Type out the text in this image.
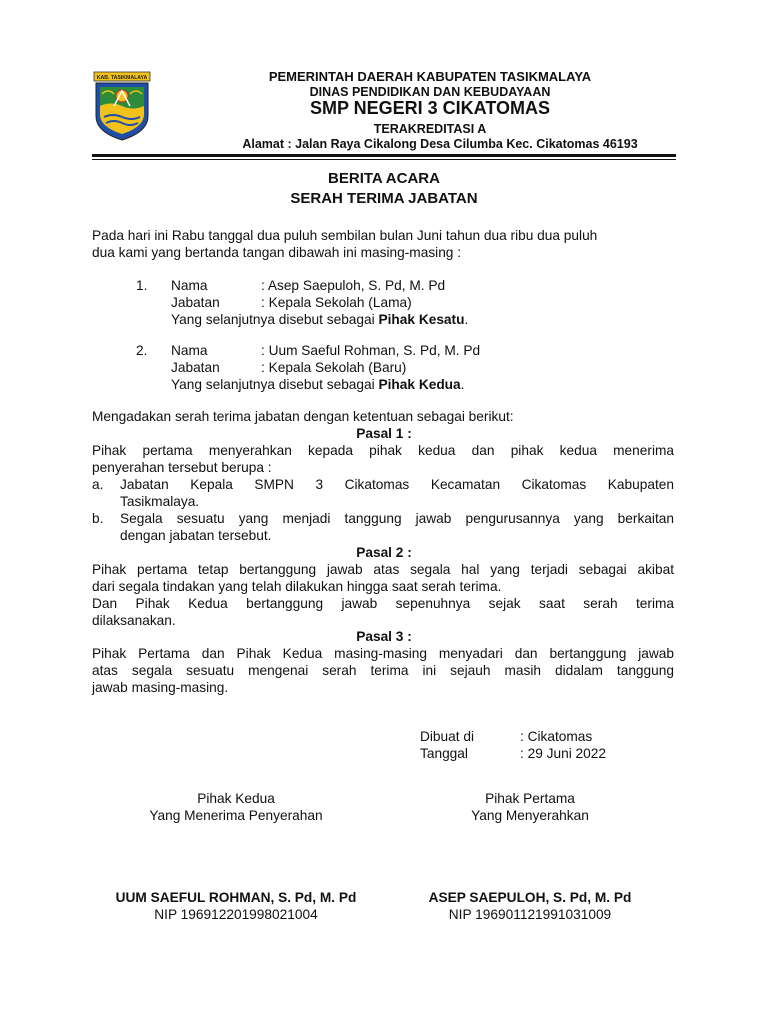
KAB. TASIKMALAYA	PEMERINTAH DAERAH KABUPATEN TASIKMALAYA
DINAS PENDIDIKAN DAN KEBUDAYAAN
SMP NEGERI 3 CIKATOMAS
TERAKREDITASI A
Alamat : Jalan Raya Cikalong Desa Cilumba Kec. Cikatomas 46193
BERITA ACARA
SERAH TERIMA JABATAN
Pada hari ini Rabu tanggal dua puluh sembilan bulan Juni tahun dua ribu dua puluh
dua kami yang bertanda tangan dibawah ini masing-masing :
1. Nama	: Asep Saepuloh, S. Pd, M. Pd
Jabatan	: Kepala Sekolah (Lama)
Yang selanjutnya disebut sebagai Pihak Kesatu.
2. Nama	: Uum Saeful Rohman, S. Pd, M. Pd
Jabatan	: Kepala Sekolah (Baru)
Yang selanjutnya disebut sebagai Pihak Kedua.
Mengadakan serah terima jabatan dengan ketentuan sebagai berikut:
Pasal 1 :
Pihak pertama menyerahkan kepada pihak kedua dan pihak kedua menerima
penyerahan tersebut berupa :
a. Jabatan Kepala SMPN 3 Cikatomas Kecamatan Cikatomas Kabupaten
Tasikmalaya.
b. Segala sesuatu yang menjadi tanggung jawab pengurusannya yang berkaitan
dengan jabatan tersebut.
Pasal 2 :
Pihak pertama tetap bertanggung jawab atas segala hal yang terjadi sebagai akibat
dari segala tindakan yang telah dilakukan hingga saat serah terima.
Dan Pihak Kedua bertanggung jawab sepenuhnya sejak saat serah terima
dilaksanakan.
Pasal 3 :
Pihak Pertama dan Pihak Kedua masing-masing menyadari dan bertanggung jawab
atas segala sesuatu mengenai serah terima ini sejauh masih didalam tanggung
jawab masing-masing.
Dibuat di	: Cikatomas
Tanggal	: 29 Juni 2022
Pihak Kedua
Yang Menerima Penyerahan
Pihak Pertama
Yang Menyerahkan
UUM SAEFUL ROHMAN, S. Pd, M. Pd
NIP 196912201998021004
ASEP SAEPULOH, S. Pd, M. Pd
NIP 196901121991031009
